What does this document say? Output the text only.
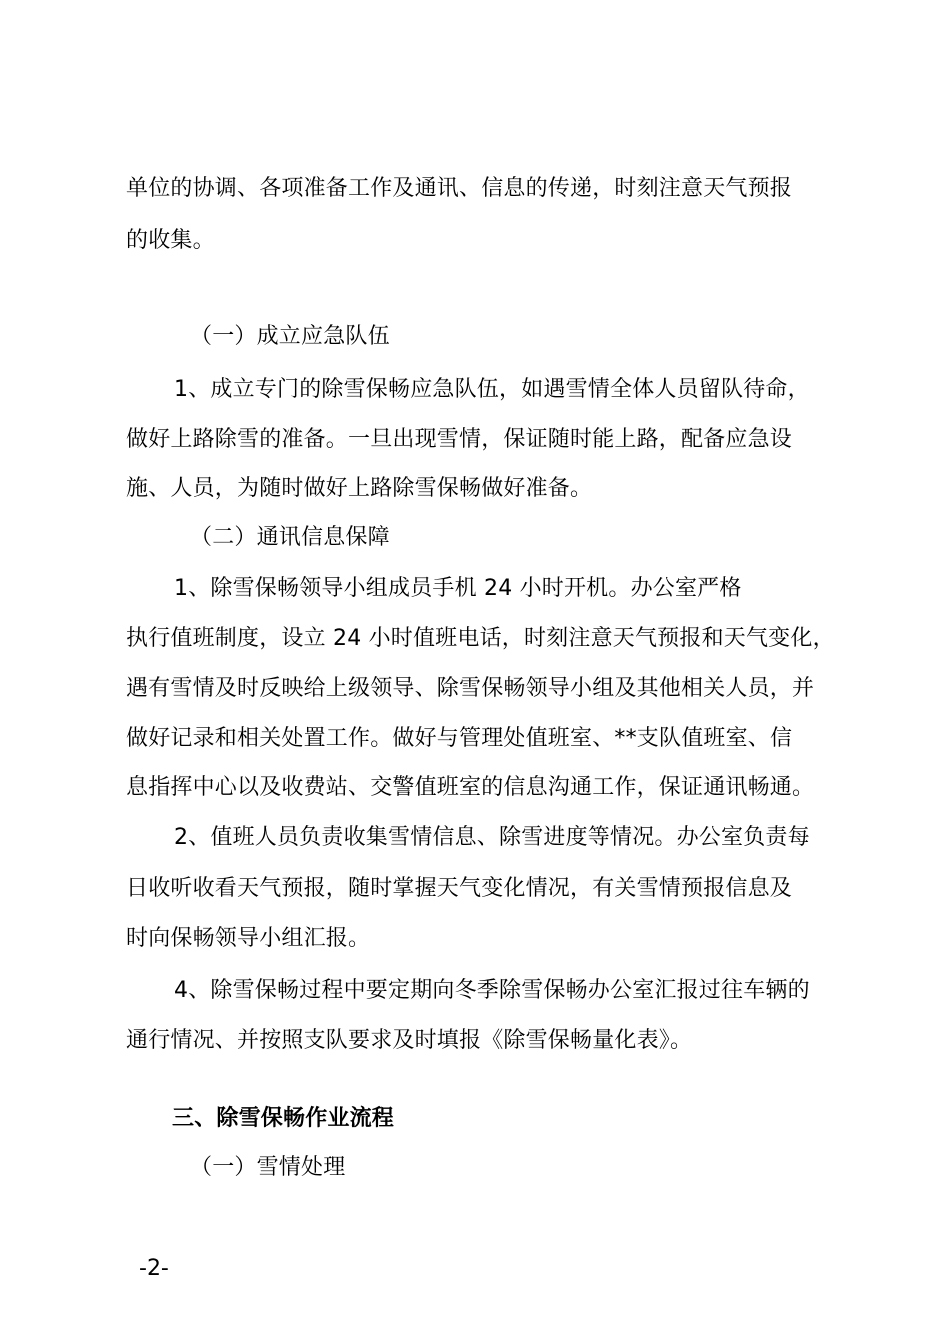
单位的协调、各项准备工作及通讯、信息的传递，时刻注意天气预报

的收集。

（一）成立应急队伍

1、成立专门的除雪保畅应急队伍，如遇雪情全体人员留队待命，

做好上路除雪的准备。一旦出现雪情，保证随时能上路，配备应急设

施、人员，为随时做好上路除雪保畅做好准备。

（二）通讯信息保障

1、除雪保畅领导小组成员手机 24 小时开机。办公室严格

执行值班制度，设立 24 小时值班电话，时刻注意天气预报和天气变化，

遇有雪情及时反映给上级领导、除雪保畅领导小组及其他相关人员，并

做好记录和相关处置工作。做好与管理处值班室、**支队值班室、信

息指挥中心以及收费站、交警值班室的信息沟通工作，保证通讯畅通。

2、值班人员负责收集雪情信息、除雪进度等情况。办公室负责每

日收听收看天气预报，随时掌握天气变化情况，有关雪情预报信息及

时向保畅领导小组汇报。

4、除雪保畅过程中要定期向冬季除雪保畅办公室汇报过往车辆的

通行情况、并按照支队要求及时填报《除雪保畅量化表》。

三、除雪保畅作业流程

（一）雪情处理

-2-
